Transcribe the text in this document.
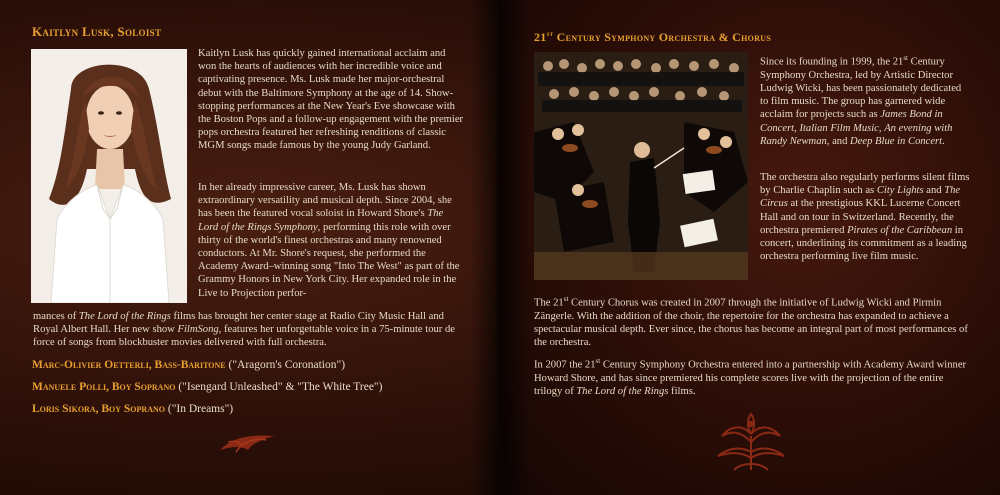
Kaitlyn Lusk, Soloist

Kaitlyn Lusk has quickly gained international acclaim and won the hearts of audiences with her incredible voice and captivating presence. Ms. Lusk made her major-orchestral debut with the Baltimore Symphony at the age of 14. Show-stopping performances at the New Year's Eve showcase with the Boston Pops and a follow-up engagement with the premier pops orchestra featured her refreshing renditions of classic MGM songs made famous by the young Judy Garland.

In her already impressive career, Ms. Lusk has shown extraordinary versatility and musical depth. Since 2004, she has been the featured vocal soloist in Howard Shore's The Lord of the Rings Symphony, performing this role with over thirty of the world's finest orchestras and many renowned conductors. At Mr. Shore's request, she performed the Academy Award–winning song "Into The West" as part of the Grammy Honors in New York City. Her expanded role in the Live to Projection perfor-

mances of The Lord of the Rings films has brought her center stage at Radio City Music Hall and Royal Albert Hall. Her new show FilmSong, features her unforgettable voice in a 75-minute tour de force of songs from blockbuster movies delivered with full orchestra.

Marc-Olivier Oetterli, Bass-Baritone ("Aragorn's Coronation")
Manuele Polli, Boy Soprano ("Isengard Unleashed" & "The White Tree")
Loris Sikora, Boy Soprano ("In Dreams")
21st Century Symphony Orchestra & Chorus

Since its founding in 1999, the 21st Century Symphony Orchestra, led by Artistic Director Ludwig Wicki, has been passionately dedicated to film music. The group has garnered wide acclaim for projects such as James Bond in Concert, Italian Film Music, An evening with Randy Newman, and Deep Blue in Concert.

The orchestra also regularly performs silent films by Charlie Chaplin such as City Lights and The Circus at the prestigious KKL Lucerne Concert Hall and on tour in Switzerland. Recently, the orchestra premiered Pirates of the Caribbean in concert, underlining its commitment as a leading orchestra performing live film music.

The 21st Century Chorus was created in 2007 through the initiative of Ludwig Wicki and Pirmin Zängerle. With the addition of the choir, the repertoire for the orchestra has expanded to achieve a spectacular musical depth. Ever since, the chorus has become an integral part of most performances of the orchestra.

In 2007 the 21st Century Symphony Orchestra entered into a partnership with Academy Award winner Howard Shore, and has since premiered his complete scores live with the projection of the entire trilogy of The Lord of the Rings films.
